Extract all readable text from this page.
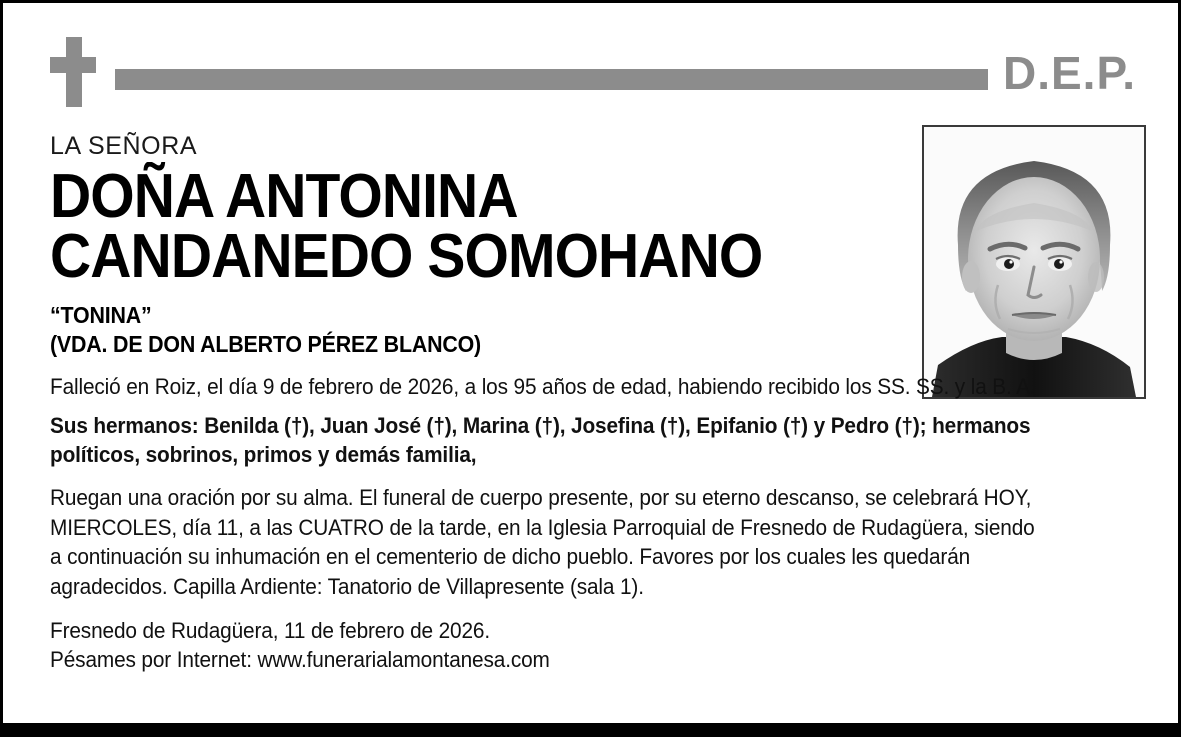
D.E.P.
LA SEÑORA
DOÑA ANTONINA
CANDANEDO SOMOHANO
“TONINA”
(VDA. DE DON ALBERTO PÉREZ BLANCO)
Falleció en Roiz, el día 9 de febrero de 2026, a los 95 años de edad, habiendo recibido los SS. SS. y la B. A.
Sus hermanos: Benilda (†), Juan José (†), Marina (†), Josefina (†), Epifanio (†) y Pedro (†); hermanos
políticos, sobrinos, primos y demás familia,
Ruegan una oración por su alma. El funeral de cuerpo presente, por su eterno descanso, se celebrará HOY,
MIERCOLES, día 11, a las CUATRO de la tarde, en la Iglesia Parroquial de Fresnedo de Rudagüera, siendo
a continuación su inhumación en el cementerio de dicho pueblo. Favores por los cuales les quedarán
agradecidos. Capilla Ardiente: Tanatorio de Villapresente (sala 1).
Fresnedo de Rudagüera, 11 de febrero de 2026.
Pésames por Internet: www.funerarialamontanesa.com
